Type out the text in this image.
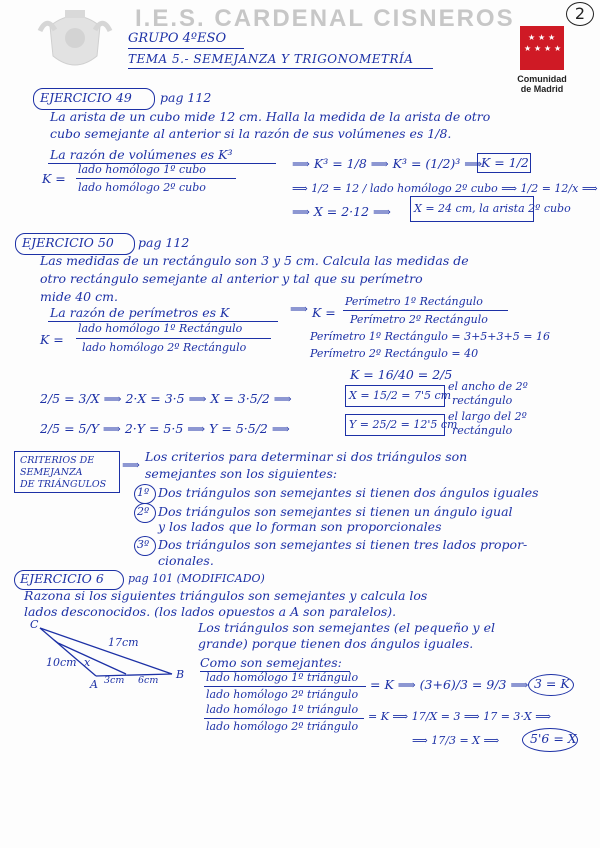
I.E.S. CARDENAL CISNEROS	2
★ ★ ★
★ ★ ★ ★
Comunidad
de Madrid
GRUPO 4ºESO
TEMA 5.- SEMEJANZA Y TRIGONOMETRÍA
EJERCICIO 49 pag 112
La arista de un cubo mide 12 cm. Halla la medida de la arista de otro
cubo semejante al anterior si la razón de sus volúmenes es 1/8.
La razón de volúmenes es K³
K =
lado homólogo 1º cubo
lado homólogo 2º cubo
⟹ K³ = 1/8 ⟹ K³ = (1/2)³ ⟹
K = 1/2
⟹ 1/2 = 12 / lado homólogo 2º cubo ⟹ 1/2 = 12/x ⟹
⟹ X = 2·12 ⟹ X = 24 cm, la arista 2º cubo
EJERCICIO 50 pag 112
Las medidas de un rectángulo son 3 y 5 cm. Calcula las medidas de
otro rectángulo semejante al anterior y tal que su perímetro
mide 40 cm.
La razón de perímetros es K
K =
lado homólogo 1º Rectángulo
lado homólogo 2º Rectángulo
⟹ K =
Perímetro 1º Rectángulo
Perímetro 2º Rectángulo
Perímetro 1º Rectángulo = 3+5+3+5 = 16
Perímetro 2º Rectángulo = 40
K = 16/40 = 2/5
2/5 = 3/X ⟹ 2·X = 3·5 ⟹ X = 3·5/2 ⟹	X = 15/2 = 7'5 cm
el ancho de 2º
rectángulo
2/5 = 5/Y ⟹ 2·Y = 5·5 ⟹ Y = 5·5/2 ⟹	Y = 25/2 = 12'5 cm
el largo del 2º
rectángulo
CRITERIOS DE
SEMEJANZA
DE TRIÁNGULOS
⟹
Los criterios para determinar si dos triángulos son
semejantes son los siguientes:
1º Dos triángulos son semejantes si tienen dos ángulos iguales
2º Dos triángulos son semejantes si tienen un ángulo igual
y los lados que lo forman son proporcionales
3º Dos triángulos son semejantes si tienen tres lados propor-
cionales.
EJERCICIO 6 pag 101 (MODIFICADO)
Razona si los siguientes triángulos son semejantes y calcula los
lados desconocidos. (los lados opuestos a A son paralelos).
C
A
B
17cm
10cm x
3cm 6cm
Los triángulos son semejantes (el pequeño y el
grande) porque tienen dos ángulos iguales.
Como son semejantes:
lado homólogo 1º triángulo
lado homólogo 2º triángulo
= K ⟹ (3+6)/3 = 9/3 ⟹ 3 = K
lado homólogo 1º triángulo
lado homólogo 2º triángulo
= K ⟹ 17/X = 3 ⟹ 17 = 3·X ⟹
⟹ 17/3 = X ⟹ 5'6 = X
